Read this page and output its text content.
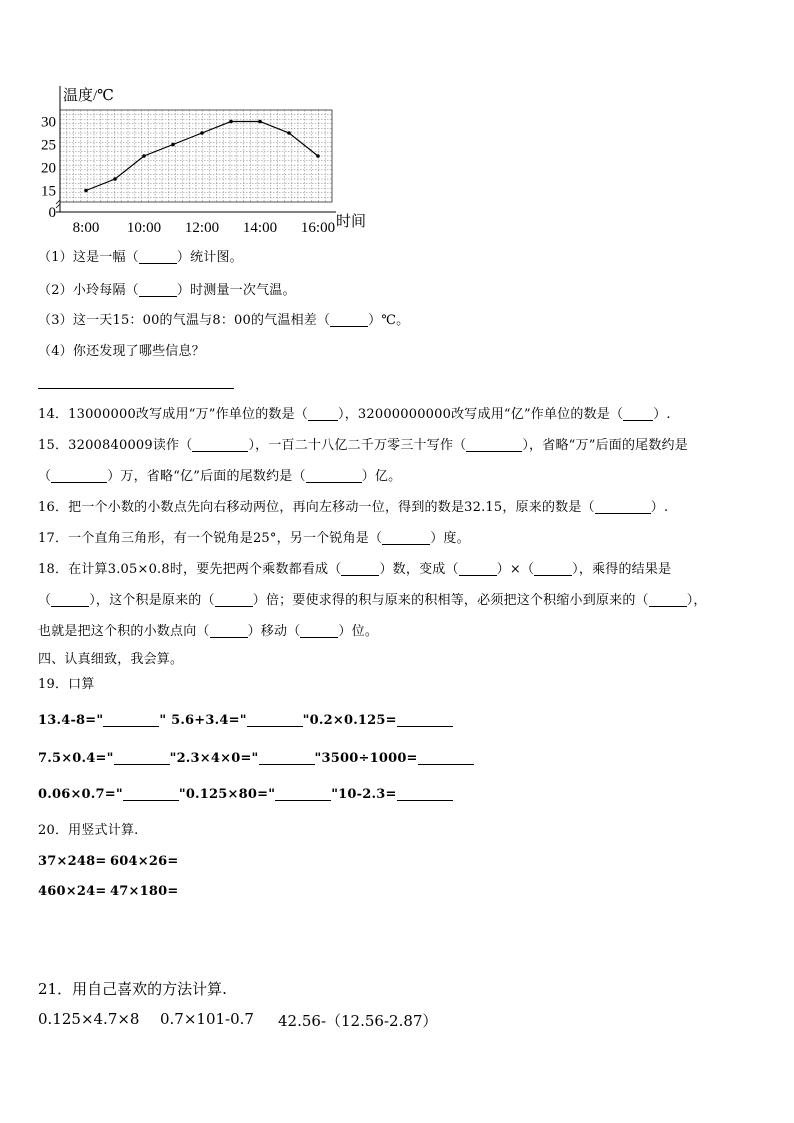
0
15
20
25
30
8:00 10:00 12:00 14:00 16:00
温度/℃
时间
（1）这是一幅（	）统计图。
（2）小玲每隔（	）时测量一次气温。
（3）这一天15：00的气温与8：00的气温相差（	）℃。
（4）你还发现了哪些信息？
14．13000000改写成用“万”作单位的数是（ ），32000000000改写成用“亿”作单位的数是（ ）.
15．3200840009读作（	），一百二十八亿二千万零三十写作（	），省略“万”后面的尾数约是
（	）万，省略“亿”后面的尾数约是（	）亿。
16．把一个小数的小数点先向右移动两位，再向左移动一位，得到的数是32.15，原来的数是（	）.
17．一个直角三角形，有一个锐角是25°，另一个锐角是（	）度。
18．在计算3.05×0.8时，要先把两个乘数都看成（	）数，变成（	）×（	），乘得的结果是
（	），这个积是原来的（	）倍；要使求得的积与原来的积相等，必须把这个积缩小到原来的（	），
也就是把这个积的小数点向（	）移动（	）位。
四、认真细致，我会算。
19．口算
13.4-8="	" 5.6+3.4="	"0.2×0.125=
7.5×0.4="	"2.3×4×0="	"3500÷1000=
0.06×0.7="	"0.125×80="	"10-2.3=
20．用竖式计算.
37×248= 604×26=
460×24= 47×180=
21．用自己喜欢的方法计算.
0.125×4.7×8 0.7×101-0.7 42.56-（12.56-2.87）
